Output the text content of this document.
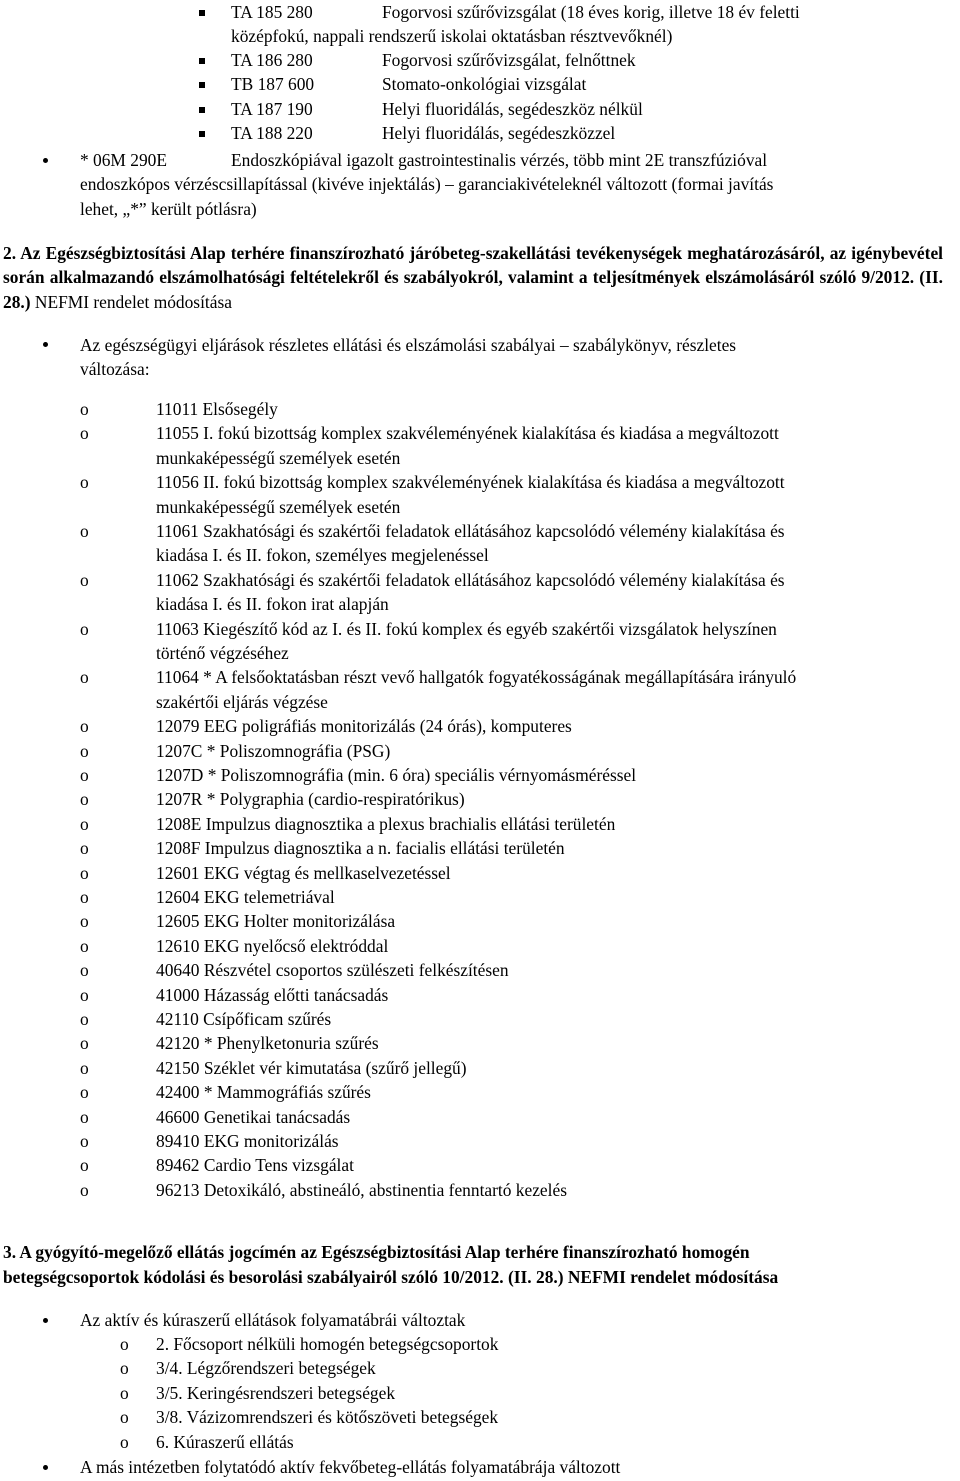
TA 185 280	Fogorvosi szűrővizsgálat (18 éves korig, illetve 18 év feletti
középfokú, nappali rendszerű iskolai oktatásban résztvevőknél)
TA 186 280	Fogorvosi szűrővizsgálat, felnőttnek
TB 187 600	Stomato-onkológiai vizsgálat
TA 187 190	Helyi fluoridálás, segédeszköz nélkül
TA 188 220	Helyi fluoridálás, segédeszközzel
* 06M 290E	Endoszkópiával igazolt gastrointestinalis vérzés, több mint 2E transzfúzióval
endoszkópos vérzéscsillapítással (kivéve injektálás) – garanciakivételeknél változott (formai javítás
lehet, „*” került pótlásra)
2. Az Egészségbiztosítási Alap terhére finanszírozható járóbeteg-szakellátási tevékenységek meghatározásáról, az igénybevétel során alkalmazandó elszámolhatósági feltételekről és szabályokról, valamint a teljesítmények elszámolásáról szóló 9/2012. (II. 28.) NEFMI rendelet módosítása
Az egészségügyi eljárások részletes ellátási és elszámolási szabályai – szabálykönyv, részletes
változása:
o	11011 Elsősegély
o	11055 I. fokú bizottság komplex szakvéleményének kialakítása és kiadása a megváltozott
munkaképességű személyek esetén
o	11056 II. fokú bizottság komplex szakvéleményének kialakítása és kiadása a megváltozott
munkaképességű személyek esetén
o	11061 Szakhatósági és szakértői feladatok ellátásához kapcsolódó vélemény kialakítása és
kiadása I. és II. fokon, személyes megjelenéssel
o	11062 Szakhatósági és szakértői feladatok ellátásához kapcsolódó vélemény kialakítása és
kiadása I. és II. fokon irat alapján
o	11063 Kiegészítő kód az I. és II. fokú komplex és egyéb szakértői vizsgálatok helyszínen
történő végzéséhez
o	11064 * A felsőoktatásban részt vevő hallgatók fogyatékosságának megállapítására irányuló
szakértői eljárás végzése
o	12079 EEG poligráfiás monitorizálás (24 órás), komputeres
o	1207C * Poliszomnográfia (PSG)
o	1207D * Poliszomnográfia (min. 6 óra) speciális vérnyomásméréssel
o	1207R * Polygraphia (cardio-respiratórikus)
o	1208E Impulzus diagnosztika a plexus brachialis ellátási területén
o	1208F Impulzus diagnosztika a n. facialis ellátási területén
o	12601 EKG végtag és mellkaselvezetéssel
o	12604 EKG telemetriával
o	12605 EKG Holter monitorizálása
o	12610 EKG nyelőcső elektróddal
o	40640 Részvétel csoportos szülészeti felkészítésen
o	41000 Házasság előtti tanácsadás
o	42110 Csípőficam szűrés
o	42120 * Phenylketonuria szűrés
o	42150 Széklet vér kimutatása (szűrő jellegű)
o	42400 * Mammográfiás szűrés
o	46600 Genetikai tanácsadás
o	89410 EKG monitorizálás
o	89462 Cardio Tens vizsgálat
o	96213 Detoxikáló, abstineáló, abstinentia fenntartó kezelés
3. A gyógyító-megelőző ellátás jogcímén az Egészségbiztosítási Alap terhére finanszírozható homogén
betegségcsoportok kódolási és besorolási szabályairól szóló 10/2012. (II. 28.) NEFMI rendelet módosítása
Az aktív és kúraszerű ellátások folyamatábrái változtak
o 2. Főcsoport nélküli homogén betegségcsoportok
o 3/4. Légzőrendszeri betegségek
o 3/5. Keringésrendszeri betegségek
o 3/8. Vázizomrendszeri és kötőszöveti betegségek
o 6. Kúraszerű ellátás
A más intézetben folytatódó aktív fekvőbeteg-ellátás folyamatábrája változott
